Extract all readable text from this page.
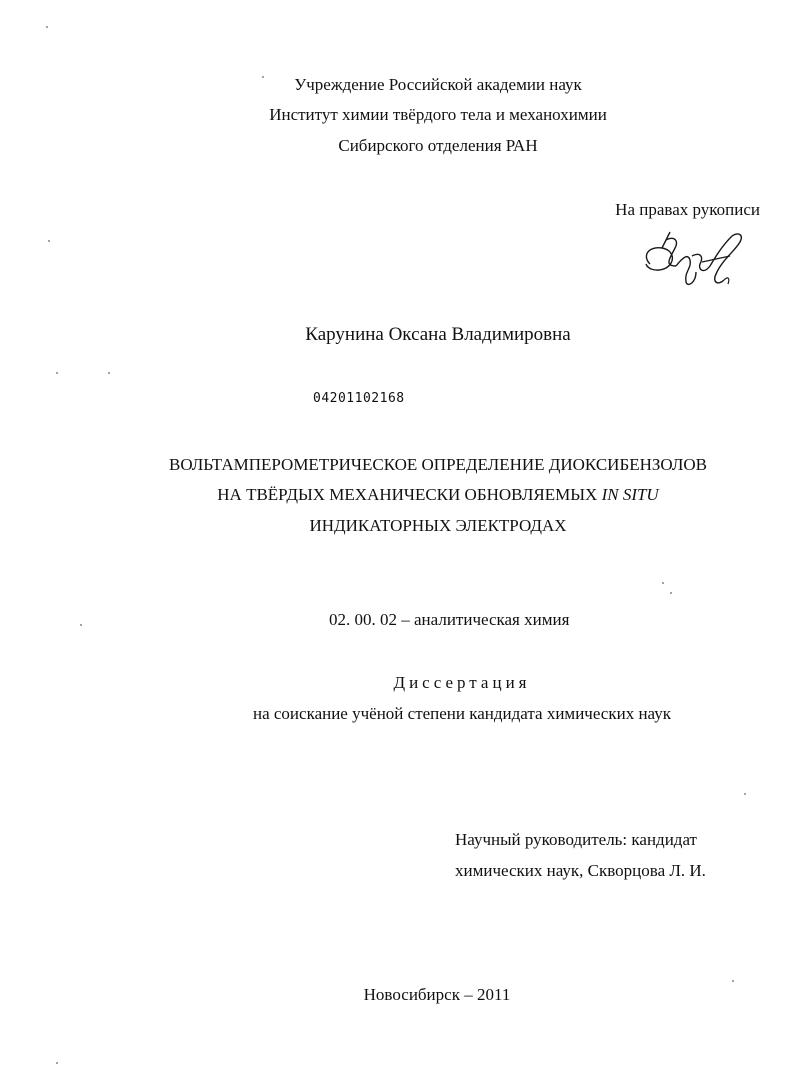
Учреждение Российской академии наук
Институт химии твёрдого тела и механохимии
Сибирского отделения РАН
На правах рукописи
Карунина Оксана Владимировна
04201102168
ВОЛЬТАМПЕРОМЕТРИЧЕСКОЕ ОПРЕДЕЛЕНИЕ ДИОКСИБЕНЗОЛОВ
НА ТВЁРДЫХ МЕХАНИЧЕСКИ ОБНОВЛЯЕМЫХ IN SITU
ИНДИКАТОРНЫХ ЭЛЕКТРОДАХ
02. 00. 02 – аналитическая химия
Диссертация
на соискание учёной степени кандидата химических наук
Научный руководитель: кандидат
химических наук, Скворцова Л. И.
Новосибирск – 2011
